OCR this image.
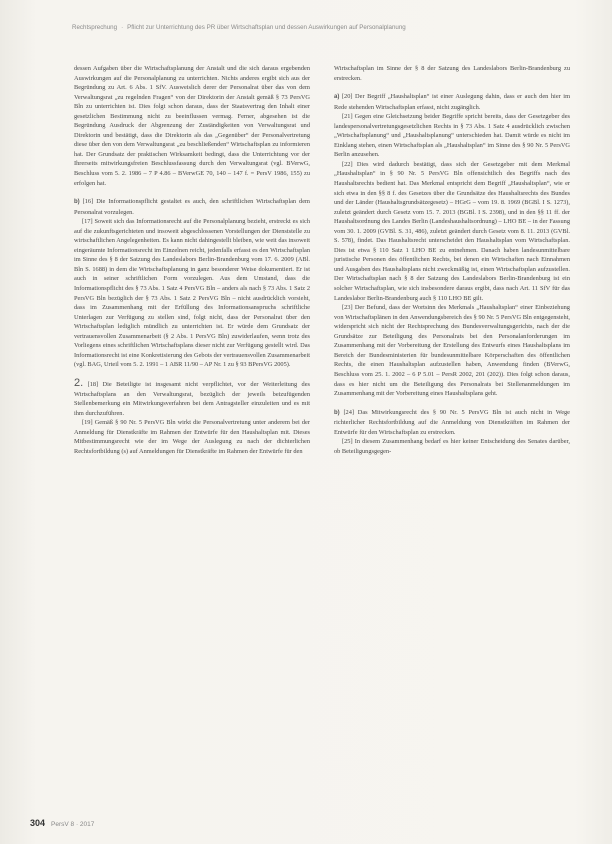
Rechtsprechung · Pflicht zur Unterrichtung des PR über Wirtschaftsplan und dessen Auswirkungen auf Personalplanung

dessen Aufgaben über die Wirtschaftsplanung der Anstalt und die sich daraus ergebenden Auswirkungen auf die Personalplanung zu unterrichten. Nichts anderes ergibt sich aus der Begründung zu Art. 6 Abs. 1 SfV. Ausweislich derer der Personalrat über das von dem Verwaltungsrat „zu regelnden Fragen“ von der Direktorin der Anstalt gemäß § 73 PersVG Bln zu unterrichten ist. Dies folgt schon daraus, dass der Staatsvertrag den Inhalt einer gesetzlichen Bestimmung nicht zu beeinflussen vermag. Ferner, abgesehen ist die Begründung Ausdruck der Abgrenzung der Zuständigkeiten von Verwaltungsrat und Direktorin und bestätigt, dass die Direktorin als das „Gegenüber“ der Personalvertretung diese über den von dem Verwaltungsrat „zu beschließenden“ Wirtschaftsplan zu informieren hat. Der Grundsatz der praktischen Wirksamkeit bedingt, dass die Unterrichtung vor der Ihrerseits mitwirkungsfreien Beschlussfassung durch den Verwaltungsrat (vgl. BVerwG, Beschluss vom 5. 2. 1986 – 7 P 4.86 – BVerwGE 70, 140 – 147 f. = PersV 1986, 155) zu erfolgen hat.

b) [16] Die Informationspflicht gestaltet es auch, den schriftlichen Wirtschaftsplan dem Personalrat vorzulegen.

[17] Soweit sich das Informationsrecht auf die Personalplanung bezieht, erstreckt es sich auf die zukunftsgerichteten und insoweit abgeschlossenen Vorstellungen der Dienststelle zu wirtschaftlichen Angelegenheiten. Es kann nicht dahingestellt bleiben, wie weit das insoweit eingeräumte Informationsrecht im Einzelnen reicht, jedenfalls erfasst es den Wirtschaftsplan im Sinne des § 8 der Satzung des Landeslabors Berlin-Brandenburg vom 17. 6. 2009 (ABl. Bln S. 1688) in dem die Wirtschaftsplanung in ganz besonderer Weise dokumentiert. Er ist auch in seiner schriftlichen Form vorzulegen. Aus dem Umstand, dass die Informationspflicht des § 73 Abs. 1 Satz 4 PersVG Bln – anders als nach § 73 Abs. 1 Satz 2 PersVG Bln bezüglich der § 73 Abs. 1 Satz 2 PersVG Bln – nicht ausdrücklich vorsieht, dass im Zusammenhang mit der Erfüllung des Informationsanspruchs schriftliche Unterlagen zur Verfügung zu stellen sind, folgt nicht, dass der Personalrat über den Wirtschaftsplan lediglich mündlich zu unterrichten ist. Er würde dem Grundsatz der vertrauensvollen Zusammenarbeit (§ 2 Abs. 1 PersVG Bln) zuwiderlaufen, wenn trotz des Vorliegens eines schriftlichen Wirtschaftsplans dieser nicht zur Verfügung gestellt wird. Das Informationsrecht ist eine Konkretisierung des Gebots der vertrauensvollen Zusammenarbeit (vgl. BAG, Urteil vom 5. 2. 1991 – 1 ABR 11/90 – AP Nr. 1 zu § 93 BPersVG 2005).

2. [18] Die Beteiligte ist insgesamt nicht verpflichtet, vor der Weiterleitung des Wirtschaftsplans an den Verwaltungsrat, bezüglich der jeweils beizufügenden Stellenbemerkung ein Mitwirkungsverfahren bei dem Antragsteller einzuleiten und es mit ihm durchzuführen.

[19] Gemäß § 90 Nr. 5 PersVG Bln wirkt die Personalvertretung unter anderem bei der Anmeldung für Dienstkräfte im Rahmen der Entwürfe für den Haushaltsplan mit. Dieses Mitbestimmungsrecht wie der im Wege der Auslegung zu nach der dichterlichen Rechtsfortbildung (s) auf Anmeldungen für Dienstkräfte im Rahmen der Entwürfe für den

Wirtschaftsplan im Sinne der § 8 der Satzung des Landeslabors Berlin-Brandenburg zu erstrecken.

a) [20] Der Begriff „Haushaltsplan“ ist einer Auslegung dahin, dass er auch den hier im Rede stehenden Wirtschaftsplan erfasst, nicht zugänglich.

[21] Gegen eine Gleichsetzung beider Begriffe spricht bereits, dass der Gesetzgeber des landespersonalvertretungsgesetzlichen Rechts in § 73 Abs. 1 Satz 4 ausdrücklich zwischen „Wirtschaftsplanung“ und „Haushaltsplanung“ unterschieden hat. Damit würde es nicht im Einklang stehen, einen Wirtschaftsplan als „Haushaltsplan“ im Sinne des § 90 Nr. 5 PersVG Berlin anzusehen.

[22] Dies wird dadurch bestätigt, dass sich der Gesetzgeber mit dem Merkmal „Haushaltsplan“ in § 90 Nr. 5 PersVG Bln offensichtlich des Begriffs nach des Haushaltsrechts bedient hat. Das Merkmal entspricht dem Begriff „Haushaltsplan“, wie er sich etwa in den §§ 8 f. des Gesetzes über die Grundsätze des Haushaltsrechts des Bundes und der Länder (Haushaltsgrundsätzegesetz) – HGrG – vom 19. 8. 1969 (BGBl. I S. 1273), zuletzt geändert durch Gesetz vom 15. 7. 2013 (BGBl. I S. 2398), und in den §§ 11 ff. der Haushaltsordnung des Landes Berlin (Landeshaushaltsordnung) – LHO BE – in der Fassung vom 30. 1. 2009 (GVBl. S. 31, 486), zuletzt geändert durch Gesetz vom 8. 11. 2013 (GVBl. S. 578), findet. Das Haushaltsrecht unterscheidet den Haushaltsplan vom Wirtschaftsplan. Dies ist etwa § 110 Satz 1 LHO BE zu entnehmen. Danach haben landesunmittelbare juristische Personen des öffentlichen Rechts, bei denen ein Wirtschaften nach Einnahmen und Ausgaben des Haushaltsplans nicht zweckmäßig ist, einen Wirtschaftsplan aufzustellen. Der Wirtschaftsplan nach § 8 der Satzung des Landeslabors Berlin-Brandenburg ist ein solcher Wirtschaftsplan, wie sich insbesondere daraus ergibt, dass nach Art. 11 SfV für das Landeslabor Berlin-Brandenburg auch § 110 LHO BE gilt.

[23] Der Befund, dass der Wortsinn des Merkmals „Haushaltsplan“ einer Einbeziehung von Wirtschaftsplänen in den Anwendungsbereich des § 90 Nr. 5 PersVG Bln entgegensteht, widerspricht sich nicht der Rechtsprechung des Bundesverwaltungsgerichts, nach der die Grundsätze zur Beteiligung des Personalrats bei den Personalanforderungen im Zusammenhang mit der Vorbereitung der Erstellung des Entwurfs eines Haushaltsplans im Bereich der Bundesministerien für bundesunmittelbare Körperschaften des öffentlichen Rechts, die einen Haushaltsplan aufzustellen haben, Anwendung finden (BVerwG, Beschluss vom 25. 1. 2002 – 6 P 5.01 – PersR 2002, 201 (202)). Dies folgt schon daraus, dass es hier nicht um die Beteiligung des Personalrats bei Stellenanmeldungen im Zusammenhang mit der Vorbereitung eines Haushaltsplans geht.

b) [24] Das Mitwirkungsrecht des § 90 Nr. 5 PersVG Bln ist auch nicht in Wege richterlicher Rechtsfortbildung auf die Anmeldung von Dienstkräften im Rahmen der Entwürfe für den Wirtschaftsplan zu erstrecken.

[25] In diesem Zusammenhang bedarf es hier keiner Entscheidung des Senates darüber, ob Beteiligungsgegen-

304 PersV 8 · 2017
